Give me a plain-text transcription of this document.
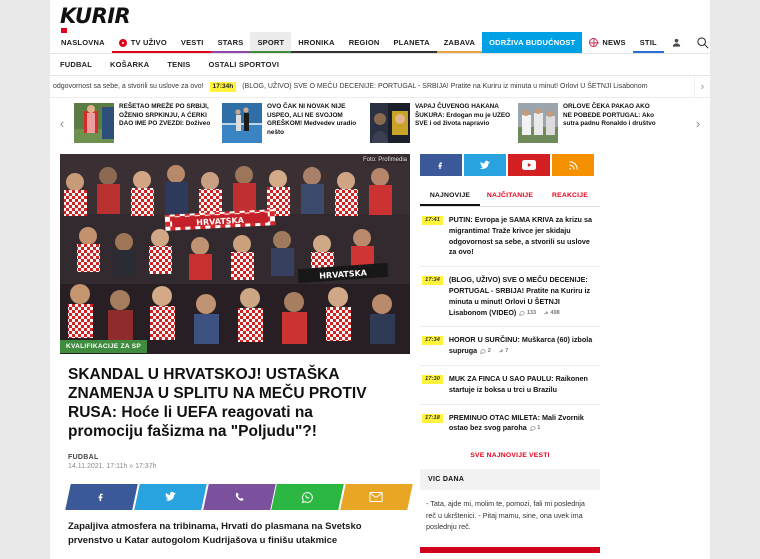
KURIR
NASLOVNA	TV UŽIVO VESTI STARS SPORT HRONIKA REGION PLANETA ZABAVA ODRŽIVA BUDUĆNOST	NEWS STIL
FUDBAL KOŠARKA TENIS OSTALI SPORTOVI
odgovornost sa sebe, a stvorili su uslove za ovo!	17:34h	(BLOG, UŽIVO) SVE O MEČU DECENIJE: PORTUGAL - SRBIJA! Pratite na Kuriru iz minuta u minut! Orlovi U ŠETNJI Lisabonom	›
‹
REŠETAO MREŽE PO SRBIJI, OŽENIO SRPKINJU, A ĆERKI DAO IME PO ZVEZDI: Doživeo
OVO ČAK NI NOVAK NIJE USPEO, ALI NE SVOJOM GREŠKOM! Medvedev uradio nešto
VAPAJ ČUVENOG HAKANA ŠUKURA: Erdogan mu je UZEO SVE i od života napravio
ORLOVE ČEKA PAKAO AKO NE POBEDE PORTUGAL: Ako sutra padnu Ronaldo i društvo	›
HRVATSKA
HRVATSKA
Foto: Profimedia
KVALIFIKACIJE ZA SP
SKANDAL U HRVATSKOJ! USTAŠKA ZNAMENJA U SPLITU NA MEČU PROTIV RUSA: Hoće li UEFA reagovati na promociju fašizma na "Poljudu"?!
FUDBAL
14.11.2021. 17:11h » 17:37h
Zapaljiva atmosfera na tribinama, Hrvati do plasmana na Svetsko prvenstvo u Katar autogolom Kudrijašova u finišu utakmice
NAJNOVIJE	NAJČITANIJE	REAKCIJE
17:41	PUTIN: Evropa je SAMA KRIVA za krizu sa migrantima! Traže krivce jer skidaju odgovornost sa sebe, a stvorili su uslove za ovo!
17:34	(BLOG, UŽIVO) SVE O MEČU DECENIJE: PORTUGAL - SRBIJA! Pratite na Kuriru iz minuta u minut! Orlovi U ŠETNJI Lisabonom (VIDEO) 133	498
17:34	HOROR U SURČINU: Muškarca (60) izbola supruga 2	7
17:30	MUK ZA FINCA U SAO PAULU: Raikonen startuje iz boksa u trci u Brazilu
17:18	PREMINUO OTAC MILETA: Mali Zvornik ostao bez svog paroha 1
SVE NAJNOVIJE VESTI
VIC DANA
- Tata, ajde mi, molim te, pomozi, fali mi poslednja reč u ukrštenici. - Pitaj mamu, sine, ona uvek ima poslednju reč.
